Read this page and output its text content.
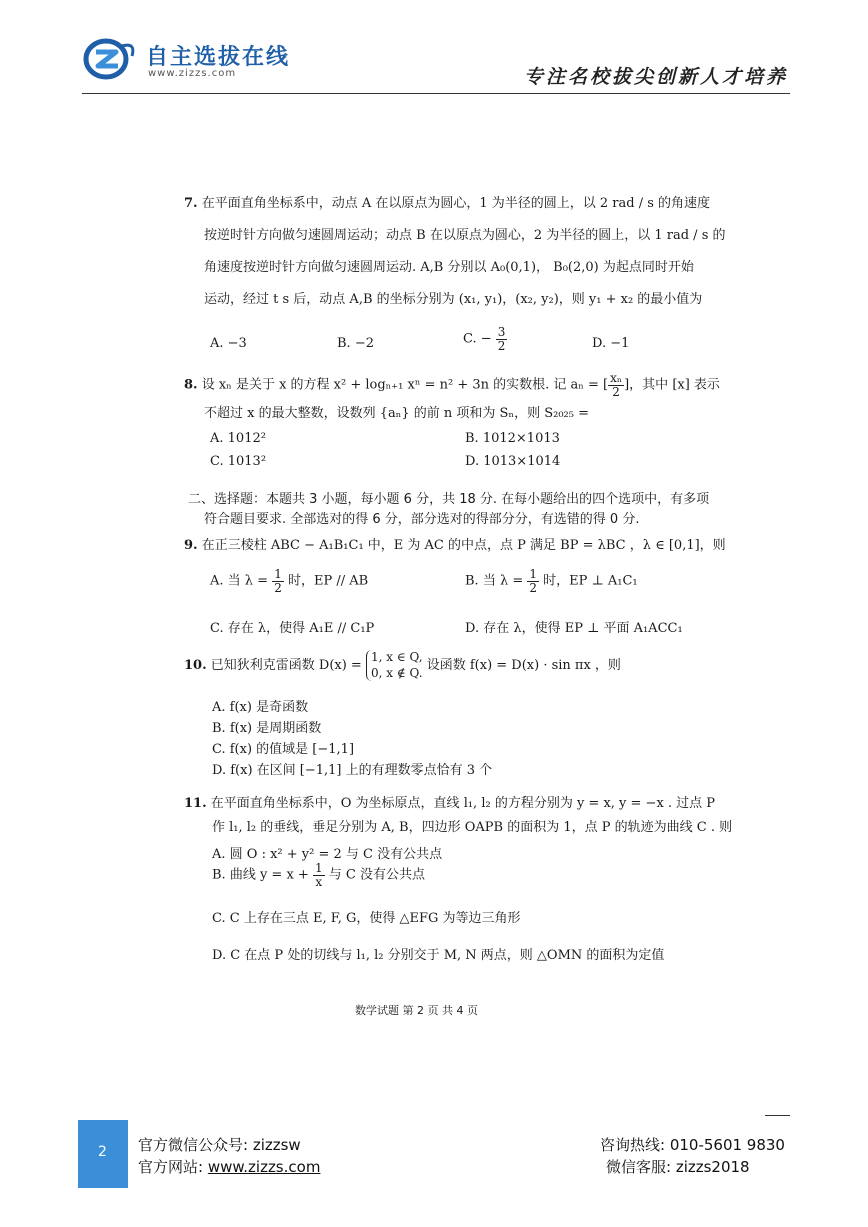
自主选拔在线
www.zizzs.com	专注名校拔尖创新人才培养
7. 在平面直角坐标系中，动点 A 在以原点为圆心，1 为半径的圆上，以 2 rad / s 的角速度
按逆时针方向做匀速圆周运动；动点 B 在以原点为圆心，2 为半径的圆上，以 1 rad / s 的
角速度按逆时针方向做匀速圆周运动. A,B 分别以 A₀(0,1)， B₀(2,0) 为起点同时开始
运动，经过 t s 后，动点 A,B 的坐标分别为 (x₁, y₁)，(x₂, y₂)，则 y₁ + x₂ 的最小值为
A. −3	B. −2	C. − $\frac{3}{2}$	D. −1
8. 设 xₙ 是关于 x 的方程 x² + logₙ₊₁ xⁿ = n² + 3n 的实数根. 记 aₙ = [ $\frac{\text{xₙ}}{2}$ ]，其中 [x] 表示
不超过 x 的最大整数，设数列 {aₙ} 的前 n 项和为 Sₙ，则 S₂₀₂₅ =
A. 1012²	B. 1012×1013
C. 1013²	D. 1013×1014
二、选择题：本题共 3 小题，每小题 6 分，共 18 分. 在每小题给出的四个选项中，有多项
符合题目要求. 全部选对的得 6 分，部分选对的得部分分，有选错的得 0 分.
9. 在正三棱柱 ABC − A₁B₁C₁ 中，E 为 AC 的中点，点 P 满足 BP = λBC ，λ ∈ [0,1]，则
A. 当 $\lambda = \frac{1}{2}$ 时，EP // AB	B. 当 $\lambda = \frac{1}{2}$ 时，EP ⊥ A₁C₁
C. 存在 λ，使得 A₁E // C₁P	D. 存在 λ，使得 EP ⊥ 平面 A₁ACC₁
10. 已知狄利克雷函数 D(x) =
1, x ∈ Q,
0, x ∉ Q. 设函数 f(x) = D(x) · sin πx ，则
A. f(x) 是奇函数
B. f(x) 是周期函数
C. f(x) 的值域是 [−1,1]
D. f(x) 在区间 [−1,1] 上的有理数零点恰有 3 个
11. 在平面直角坐标系中，O 为坐标原点，直线 l₁, l₂ 的方程分别为 y = x, y = −x . 过点 P
作 l₁, l₂ 的垂线，垂足分别为 A, B，四边形 OAPB 的面积为 1，点 P 的轨迹为曲线 C . 则
A. 圆 O : x² + y² = 2 与 C 没有公共点
B. 曲线 $y = x + \frac{1}{x}$ 与 C 没有公共点
C. C 上存在三点 E, F, G，使得 △EFG 为等边三角形
D. C 在点 P 处的切线与 l₁, l₂ 分别交于 M, N 两点，则 △OMN 的面积为定值
数学试题 第 2 页 共 4 页
2 官方微信公众号: zizzsw
官方网站: www.zizzs.com
咨询热线: 010-5601 9830
微信客服: zizzs2018
